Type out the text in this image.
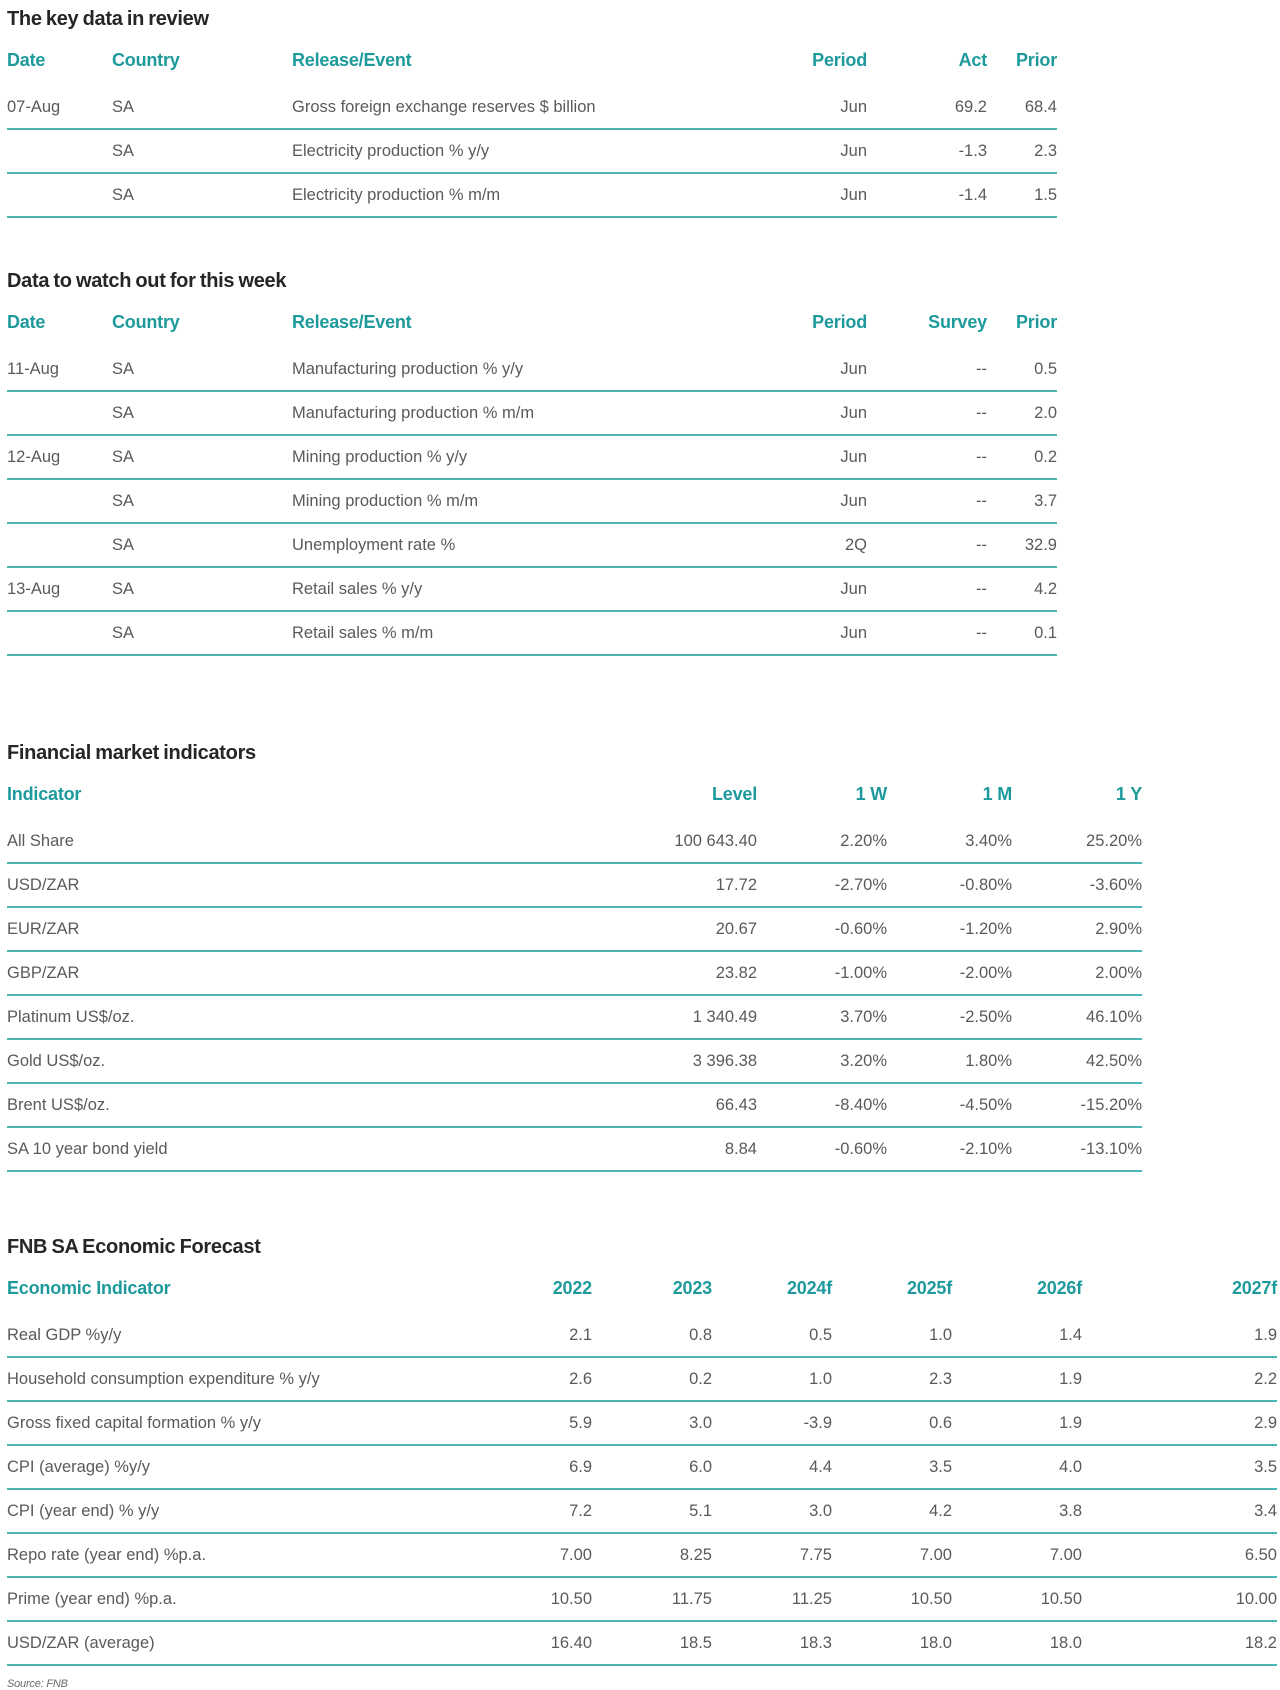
The key data in review
Date	Country	Release/Event	Period	Act	Prior
07-Aug	SA	Gross foreign exchange reserves $ billion	Jun	69.2	68.4
	SA	Electricity production % y/y	Jun	-1.3	2.3
	SA	Electricity production % m/m	Jun	-1.4	1.5
Data to watch out for this week
Date	Country	Release/Event	Period	Survey	Prior
11-Aug	SA	Manufacturing production % y/y	Jun	--	0.5
	SA	Manufacturing production % m/m	Jun	--	2.0
12-Aug	SA	Mining production % y/y	Jun	--	0.2
	SA	Mining production % m/m	Jun	--	3.7
	SA	Unemployment rate %	2Q	--	32.9
13-Aug	SA	Retail sales % y/y	Jun	--	4.2
	SA	Retail sales % m/m	Jun	--	0.1
Financial market indicators
Indicator	Level	1 W	1 M	1 Y
All Share	100 643.40	2.20%	3.40%	25.20%
USD/ZAR	17.72	-2.70%	-0.80%	-3.60%
EUR/ZAR	20.67	-0.60%	-1.20%	2.90%
GBP/ZAR	23.82	-1.00%	-2.00%	2.00%
Platinum US$/oz.	1 340.49	3.70%	-2.50%	46.10%
Gold US$/oz.	3 396.38	3.20%	1.80%	42.50%
Brent US$/oz.	66.43	-8.40%	-4.50%	-15.20%
SA 10 year bond yield	8.84	-0.60%	-2.10%	-13.10%
FNB SA Economic Forecast
Economic Indicator	2022	2023	2024f	2025f	2026f	2027f
Real GDP %y/y	2.1	0.8	0.5	1.0	1.4	1.9
Household consumption expenditure % y/y	2.6	0.2	1.0	2.3	1.9	2.2
Gross fixed capital formation % y/y	5.9	3.0	-3.9	0.6	1.9	2.9
CPI (average) %y/y	6.9	6.0	4.4	3.5	4.0	3.5
CPI (year end) % y/y	7.2	5.1	3.0	4.2	3.8	3.4
Repo rate (year end) %p.a.	7.00	8.25	7.75	7.00	7.00	6.50
Prime (year end) %p.a.	10.50	11.75	11.25	10.50	10.50	10.00
USD/ZAR (average)	16.40	18.5	18.3	18.0	18.0	18.2

Source: FNB
